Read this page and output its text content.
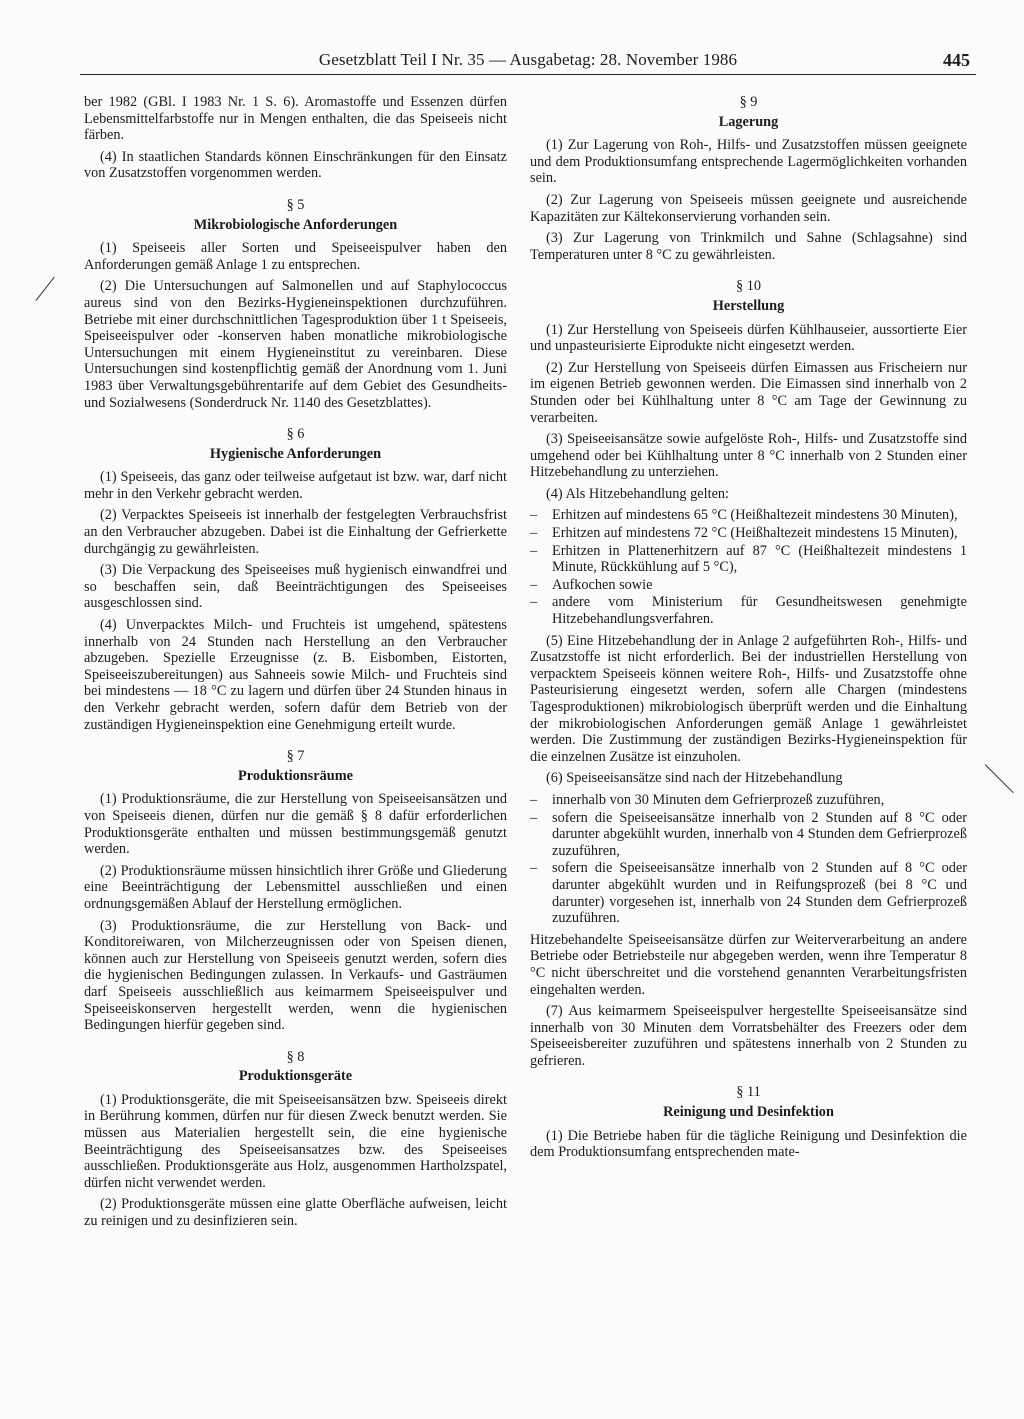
Gesetzblatt Teil I Nr. 35 — Ausgabetag: 28. November 1986	445

ber 1982 (GBl. I 1983 Nr. 1 S. 6). Aromastoffe und Essenzen dürfen Lebensmittelfarbstoffe nur in Mengen enthalten, die das Speiseeis nicht färben.

(4) In staatlichen Standards können Einschränkungen für den Einsatz von Zusatzstoffen vorgenommen werden.

§ 5
Mikrobiologische Anforderungen

(1) Speiseeis aller Sorten und Speiseeispulver haben den Anforderungen gemäß Anlage 1 zu entsprechen.

(2) Die Untersuchungen auf Salmonellen und auf Staphylococcus aureus sind von den Bezirks-Hygieneinspektionen durchzuführen. Betriebe mit einer durchschnittlichen Tagesproduktion über 1 t Speiseeis, Speiseeispulver oder -konserven haben monatliche mikrobiologische Untersuchungen mit einem Hygieneinstitut zu vereinbaren. Diese Untersuchungen sind kostenpflichtig gemäß der Anordnung vom 1. Juni 1983 über Verwaltungsgebührentarife auf dem Gebiet des Gesundheits- und Sozialwesens (Sonderdruck Nr. 1140 des Gesetzblattes).

§ 6
Hygienische Anforderungen

(1) Speiseeis, das ganz oder teilweise aufgetaut ist bzw. war, darf nicht mehr in den Verkehr gebracht werden.

(2) Verpacktes Speiseeis ist innerhalb der festgelegten Verbrauchsfrist an den Verbraucher abzugeben. Dabei ist die Einhaltung der Gefrierkette durchgängig zu gewährleisten.

(3) Die Verpackung des Speiseeises muß hygienisch einwandfrei und so beschaffen sein, daß Beeinträchtigungen des Speiseeises ausgeschlossen sind.

(4) Unverpacktes Milch- und Fruchteis ist umgehend, spätestens innerhalb von 24 Stunden nach Herstellung an den Verbraucher abzugeben. Spezielle Erzeugnisse (z. B. Eisbomben, Eistorten, Speiseeiszubereitungen) aus Sahneeis sowie Milch- und Fruchteis sind bei mindestens — 18 °C zu lagern und dürfen über 24 Stunden hinaus in den Verkehr gebracht werden, sofern dafür dem Betrieb von der zuständigen Hygieneinspektion eine Genehmigung erteilt wurde.

§ 7
Produktionsräume

(1) Produktionsräume, die zur Herstellung von Speiseeisansätzen und von Speiseeis dienen, dürfen nur die gemäß § 8 dafür erforderlichen Produktionsgeräte enthalten und müssen bestimmungsgemäß genutzt werden.

(2) Produktionsräume müssen hinsichtlich ihrer Größe und Gliederung eine Beeinträchtigung der Lebensmittel ausschließen und einen ordnungsgemäßen Ablauf der Herstellung ermöglichen.

(3) Produktionsräume, die zur Herstellung von Back- und Konditoreiwaren, von Milcherzeugnissen oder von Speisen dienen, können auch zur Herstellung von Speiseeis genutzt werden, sofern dies die hygienischen Bedingungen zulassen. In Verkaufs- und Gasträumen darf Speiseeis ausschließlich aus keimarmem Speiseeispulver und Speiseeiskonserven hergestellt werden, wenn die hygienischen Bedingungen hierfür gegeben sind.

§ 8
Produktionsgeräte

(1) Produktionsgeräte, die mit Speiseeisansätzen bzw. Speiseeis direkt in Berührung kommen, dürfen nur für diesen Zweck benutzt werden. Sie müssen aus Materialien hergestellt sein, die eine hygienische Beeinträchtigung des Speiseeisansatzes bzw. des Speiseeises ausschließen. Produktionsgeräte aus Holz, ausgenommen Hartholzspatel, dürfen nicht verwendet werden.

(2) Produktionsgeräte müssen eine glatte Oberfläche aufweisen, leicht zu reinigen und zu desinfizieren sein.

§ 9
Lagerung

(1) Zur Lagerung von Roh-, Hilfs- und Zusatzstoffen müssen geeignete und dem Produktionsumfang entsprechende Lagermöglichkeiten vorhanden sein.

(2) Zur Lagerung von Speiseeis müssen geeignete und ausreichende Kapazitäten zur Kältekonservierung vorhanden sein.

(3) Zur Lagerung von Trinkmilch und Sahne (Schlagsahne) sind Temperaturen unter 8 °C zu gewährleisten.

§ 10
Herstellung

(1) Zur Herstellung von Speiseeis dürfen Kühlhauseier, aussortierte Eier und unpasteurisierte Eiprodukte nicht eingesetzt werden.

(2) Zur Herstellung von Speiseeis dürfen Eimassen aus Frischeiern nur im eigenen Betrieb gewonnen werden. Die Eimassen sind innerhalb von 2 Stunden oder bei Kühlhaltung unter 8 °C am Tage der Gewinnung zu verarbeiten.

(3) Speiseeisansätze sowie aufgelöste Roh-, Hilfs- und Zusatzstoffe sind umgehend oder bei Kühlhaltung unter 8 °C innerhalb von 2 Stunden einer Hitzebehandlung zu unterziehen.

(4) Als Hitzebehandlung gelten:

– Erhitzen auf mindestens 65 °C (Heißhaltezeit mindestens 30 Minuten),
– Erhitzen auf mindestens 72 °C (Heißhaltezeit mindestens 15 Minuten),
– Erhitzen in Plattenerhitzern auf 87 °C (Heißhaltezeit mindestens 1 Minute, Rückkühlung auf 5 °C),
– Aufkochen sowie
– andere vom Ministerium für Gesundheitswesen genehmigte Hitzebehandlungsverfahren.

(5) Eine Hitzebehandlung der in Anlage 2 aufgeführten Roh-, Hilfs- und Zusatzstoffe ist nicht erforderlich. Bei der industriellen Herstellung von verpacktem Speiseeis können weitere Roh-, Hilfs- und Zusatzstoffe ohne Pasteurisierung eingesetzt werden, sofern alle Chargen (mindestens Tagesproduktionen) mikrobiologisch überprüft werden und die Einhaltung der mikrobiologischen Anforderungen gemäß Anlage 1 gewährleistet werden. Die Zustimmung der zuständigen Bezirks-Hygieneinspektion für die einzelnen Zusätze ist einzuholen.

(6) Speiseeisansätze sind nach der Hitzebehandlung

– innerhalb von 30 Minuten dem Gefrierprozeß zuzuführen,
– sofern die Speiseeisansätze innerhalb von 2 Stunden auf 8 °C oder darunter abgekühlt wurden, innerhalb von 4 Stunden dem Gefrierprozeß zuzuführen,
– sofern die Speiseeisansätze innerhalb von 2 Stunden auf 8 °C oder darunter abgekühlt wurden und in Reifungsprozeß (bei 8 °C und darunter) vorgesehen ist, innerhalb von 24 Stunden dem Gefrierprozeß zuzuführen.

Hitzebehandelte Speiseeisansätze dürfen zur Weiterverarbeitung an andere Betriebe oder Betriebsteile nur abgegeben werden, wenn ihre Temperatur 8 °C nicht überschreitet und die vorstehend genannten Verarbeitungsfristen eingehalten werden.

(7) Aus keimarmem Speiseeispulver hergestellte Speiseeisansätze sind innerhalb von 30 Minuten dem Vorratsbehälter des Freezers oder dem Speiseeisbereiter zuzuführen und spätestens innerhalb von 2 Stunden zu gefrieren.

§ 11
Reinigung und Desinfektion

(1) Die Betriebe haben für die tägliche Reinigung und Desinfektion die dem Produktionsumfang entsprechenden mate-
